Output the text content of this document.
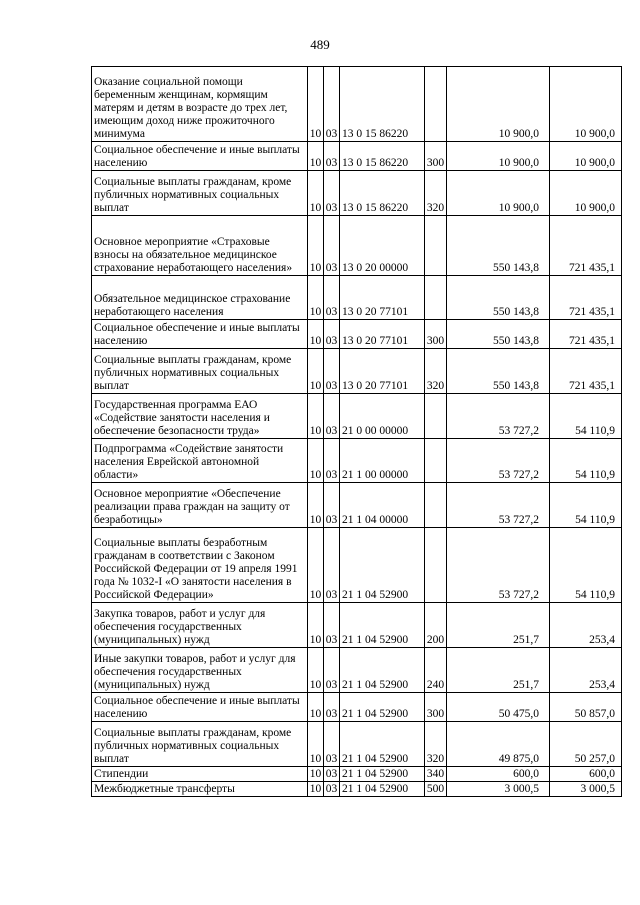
489
Оказание социальной помощи беременным женщинам, кормящим матерям и детям в возрасте до трех лет, имеющим доход ниже прожиточного минимума	10	03	13 0 15 86220		10 900,0	10 900,0
Социальное обеспечение и иные выплаты населению	10	03	13 0 15 86220	300	10 900,0	10 900,0
Социальные выплаты гражданам, кроме публичных нормативных социальных выплат	10	03	13 0 15 86220	320	10 900,0	10 900,0
Основное мероприятие «Страховые взносы на обязательное медицинское страхование неработающего населения»	10	03	13 0 20 00000		550 143,8	721 435,1
Обязательное медицинское страхование неработающего населения	10	03	13 0 20 77101		550 143,8	721 435,1
Социальное обеспечение и иные выплаты населению	10	03	13 0 20 77101	300	550 143,8	721 435,1
Социальные выплаты гражданам, кроме публичных нормативных социальных выплат	10	03	13 0 20 77101	320	550 143,8	721 435,1
Государственная программа ЕАО «Содействие занятости населения и обеспечение безопасности труда»	10	03	21 0 00 00000		53 727,2	54 110,9
Подпрограмма «Содействие занятости населения Еврейской автономной области»	10	03	21 1 00 00000		53 727,2	54 110,9
Основное мероприятие «Обеспечение реализации права граждан на защиту от безработицы»	10	03	21 1 04 00000		53 727,2	54 110,9
Социальные выплаты безработным гражданам в соответствии с Законом Российской Федерации от 19 апреля 1991 года № 1032-I «О занятости населения в Российской Федерации»	10	03	21 1 04 52900		53 727,2	54 110,9
Закупка товаров, работ и услуг для обеспечения государственных (муниципальных) нужд	10	03	21 1 04 52900	200	251,7	253,4
Иные закупки товаров, работ и услуг для обеспечения государственных (муниципальных) нужд	10	03	21 1 04 52900	240	251,7	253,4
Социальное обеспечение и иные выплаты населению	10	03	21 1 04 52900	300	50 475,0	50 857,0
Социальные выплаты гражданам, кроме публичных нормативных социальных выплат	10	03	21 1 04 52900	320	49 875,0	50 257,0
Стипендии	10	03	21 1 04 52900	340	600,0	600,0
Межбюджетные трансферты	10	03	21 1 04 52900	500	3 000,5	3 000,5
